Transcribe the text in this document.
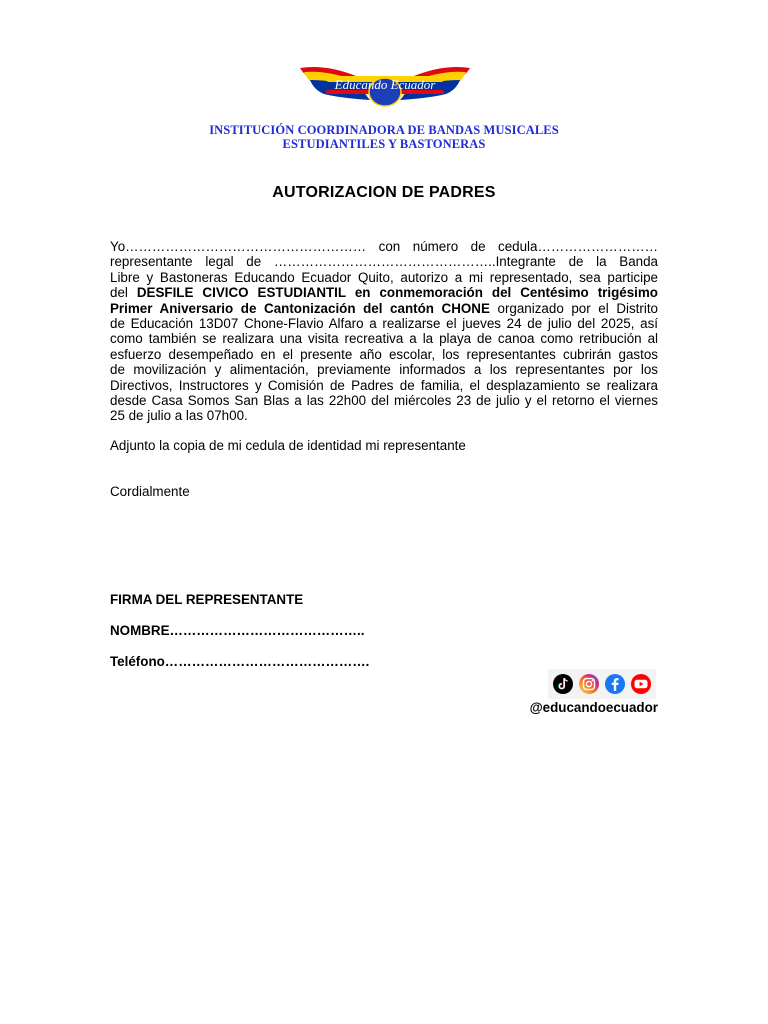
Educando Ecuador
INSTITUCIÓN COORDINADORA DE BANDAS MUSICALES
ESTUDIANTILES Y BASTONERAS
AUTORIZACION DE PADRES
Yo……………………………………………… con número de cedula………………………
representante legal de …………………………………………..Integrante de la Banda
Libre y Bastoneras Educando Ecuador Quito, autorizo a mi representado, sea participe
del DESFILE CIVICO ESTUDIANTIL en conmemoración del Centésimo trigésimo
Primer Aniversario de Cantonización del cantón CHONE organizado por el Distrito
de Educación 13D07 Chone-Flavio Alfaro a realizarse el jueves 24 de julio del 2025, así
como también se realizara una visita recreativa a la playa de canoa como retribución al
esfuerzo desempeñado en el presente año escolar, los representantes cubrirán gastos
de movilización y alimentación, previamente informados a los representantes por los
Directivos, Instructores y Comisión de Padres de familia, el desplazamiento se realizara
desde Casa Somos San Blas a las 22h00 del miércoles 23 de julio y el retorno el viernes
25 de julio a las 07h00.
Adjunto la copia de mi cedula de identidad mi representante
Cordialmente
FIRMA DEL REPRESENTANTE
NOMBRE……………………………………..
Teléfono……………………………………….
@educandoecuador
